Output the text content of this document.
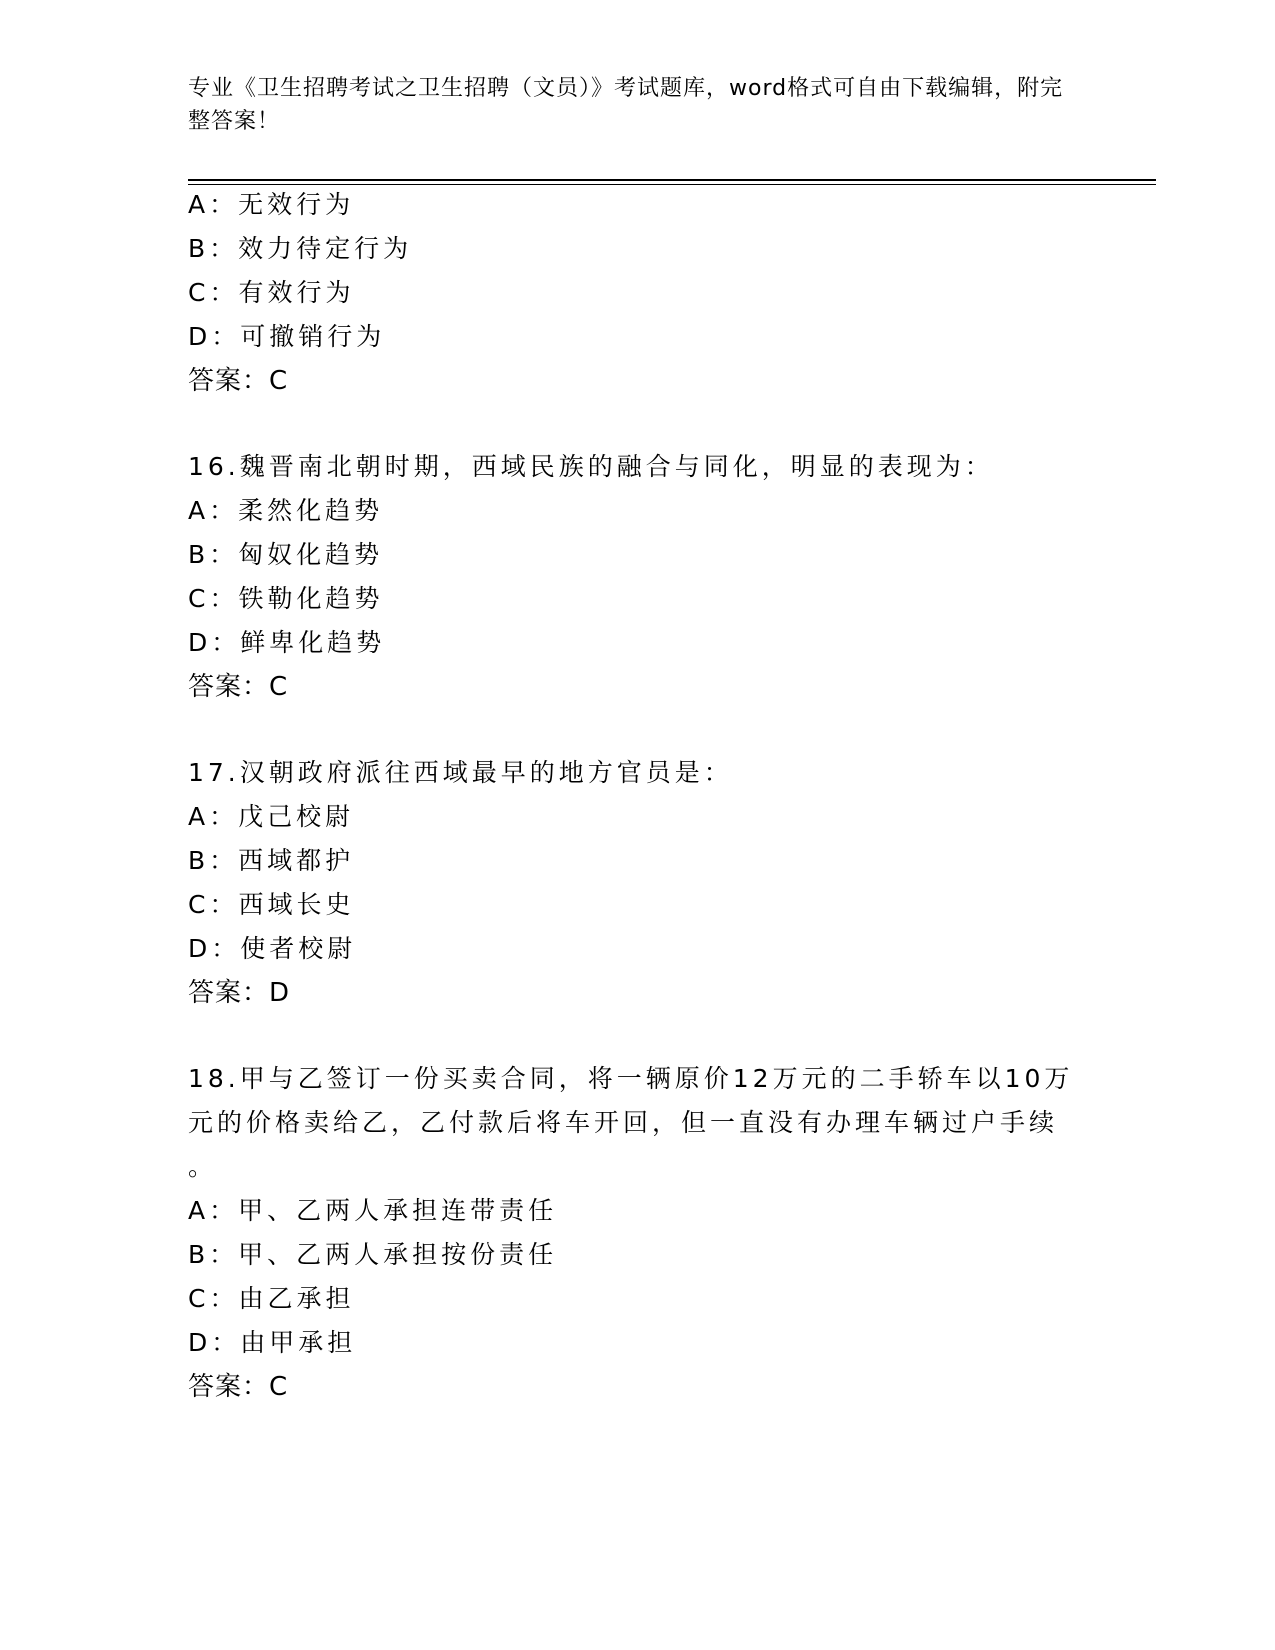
专业《卫生招聘考试之卫生招聘（文员）》考试题库，word格式可自由下载编辑，附完整答案！
A：无效行为
B：效力待定行为
C：有效行为
D：可撤销行为
答案：C
16.魏晋南北朝时期，西域民族的融合与同化，明显的表现为：
A：柔然化趋势
B：匈奴化趋势
C：铁勒化趋势
D：鲜卑化趋势
答案：C
17.汉朝政府派往西域最早的地方官员是：
A：戊己校尉
B：西域都护
C：西域长史
D：使者校尉
答案：D
18.甲与乙签订一份买卖合同，将一辆原价12万元的二手轿车以10万
元的价格卖给乙，乙付款后将车开回，但一直没有办理车辆过户手续
。
A：甲、乙两人承担连带责任
B：甲、乙两人承担按份责任
C：由乙承担
D：由甲承担
答案：C
